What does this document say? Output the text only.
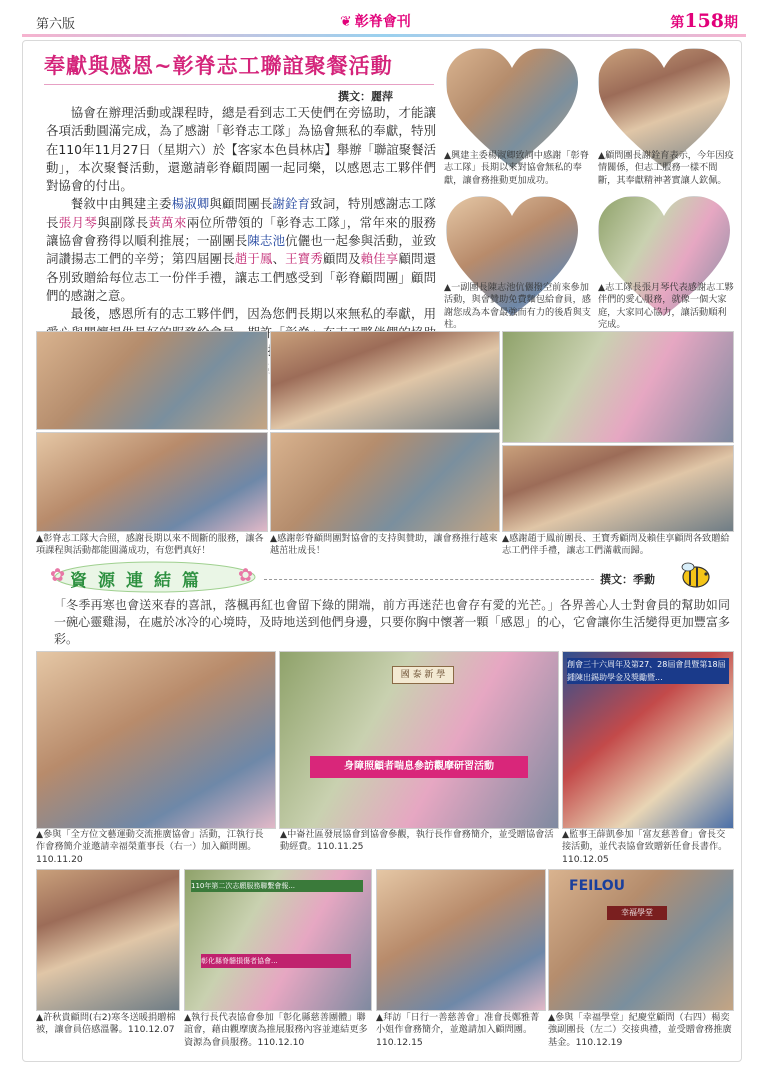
第六版	❦ 彰脊會刊	第158期
奉獻與感恩~彰脊志工聯誼聚餐活動
撰文：麗萍

協會在辦理活動或課程時，總是看到志工天使們在旁協助，才能讓各項活動圓滿完成，為了感謝「彰脊志工隊」為協會無私的奉獻，特別在110年11月27日（星期六）於【客家本色員林店】舉辦「聯誼聚餐活動」，本次聚餐活動，還邀請彰脊顧問團一起同樂，以感恩志工夥伴們對協會的付出。

餐敘中由興建主委楊淑卿與顧問團長謝銓育致詞，特別感謝志工隊長張月琴與副隊長黃萬來兩位所帶領的「彰脊志工隊」，常年來的服務讓協會會務得以順利推展；一副團長陳志池伉儷也一起參與活動，並致詞讚揚志工們的辛勞；第四屆團長趙于鳳、王寶秀顧問及賴佳享顧問還各別致贈給每位志工一份伴手禮，讓志工們感受到「彰脊顧問團」顧問們的感謝之意。

最後，感恩所有的志工夥伴們，因為您們長期以來無私的奉獻，用

▲興建主委楊淑卿致詞中感謝「彰脊志工隊」長期以來對協會無私的奉獻，讓會務推動更加成功。
▲顧問團長謝銓育表示，今年因疫情關係，但志工服務一樣不間斷，其奉獻精神著實讓人欽佩。
▲一副團長陳志池伉儷撥空前來參加活動，與會贊助免費麵包給會員，感謝您成為本會最強而有力的後盾與支柱。
▲志工隊長張月琴代表感謝志工夥伴們的愛心服務，就像一個大家庭，大家同心協力，讓活動順利完成。
▲彰脊志工隊大合照，感謝長期以來不間斷的服務，讓各項課程與活動都能圓滿成功，有您們真好！
▲感謝彰脊顧問團對協會的支持與贊助，讓會務推行越來越茁壯成長！
▲感謝趙于鳳前團長、王寶秀顧問及賴佳享顧問各致贈給志工們伴手禮，讓志工們滿載而歸。
✿	✿
資源連結篇	撰文：季勳
「冬季再寒也會送來春的喜訊，落楓再紅也會留下綠的開端，前方再迷茫也會存有愛的光芒。」各界善心人士對會員的幫助如同一碗心靈雞湯，在處於冰冷的心境時，及時地送到他們身邊，只要你胸中懷著一顆「感恩」的心，它會讓你生活變得更加豐富多彩。
國 泰 新 學
身障照顧者喘息參訪觀摩研習活動
創會三十六周年及第27、28屆會員暨第18屆鍾陳出錫助學金及獎勵暨...
▲參與「全方位文藝運動交流推廣協會」活動，江執行長作會務簡介並邀請幸福榮董事長（右一）加入顧問團。
110.11.20
▲中崙社區發展協會到協會參觀，執行長作會務簡介，並受贈協會活動經費。110.11.25
▲監事王薛凱參加「富友慈善會」會長交接活動，並代表協會致贈新任會長書作。110.12.05
110年第二次志願服務聯繫會報...
彰化縣脊髓損傷者協會...
FEILOU
幸福學堂
▲許秋貴顧問(右2)寒冬送暖捐贈棉被，讓會員倍感溫馨。110.12.07
▲執行長代表協會參加「彰化縣慈善團體」聯誼會，藉由觀摩廣為推展服務內容並連結更多資源為會員服務。110.12.10
▲拜訪「日行一善慈善會」准會長鄭雅菁小姐作會務簡介，並邀請加入顧問團。110.12.15
▲參與「幸福學堂」紀慶堂顧問（右四）楊奕強副團長（左二）交接典禮，並受贈會務推廣基金。110.12.19
